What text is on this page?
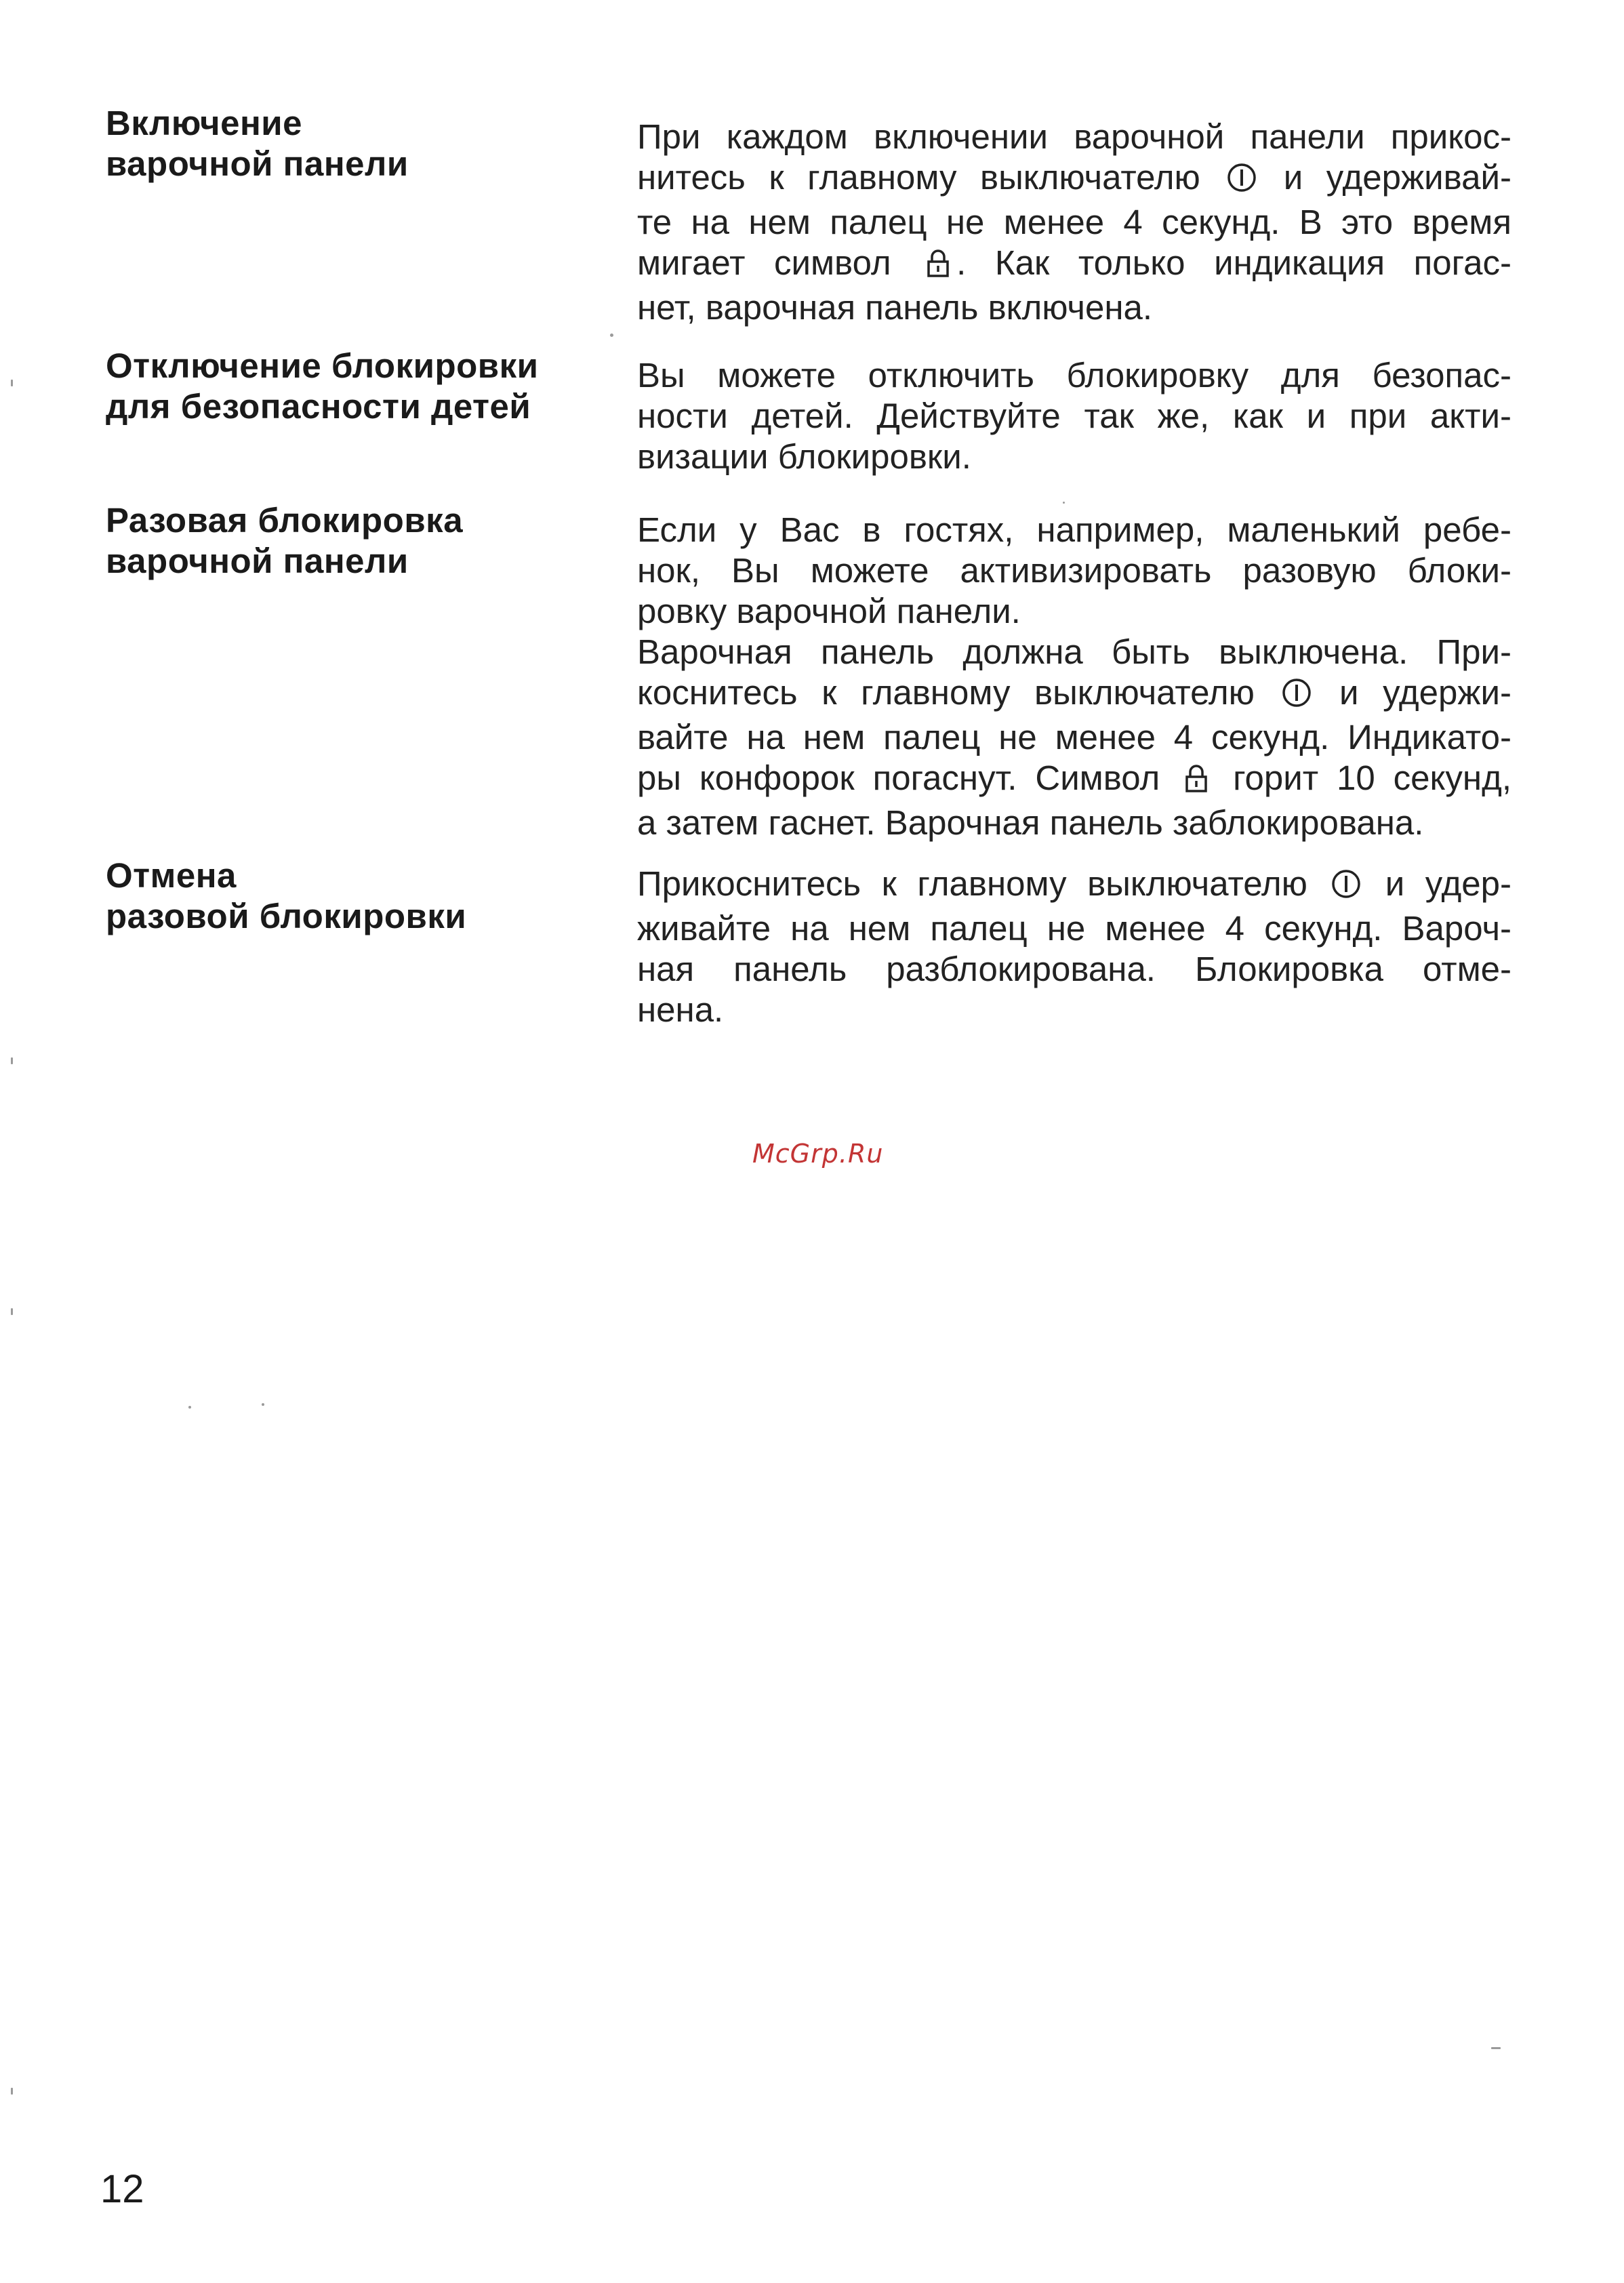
Включение
варочной панели
При каждом включении варочной панели прикос-
нитесь к главному выключателю  и удерживай-
те на нем палец не менее 4 секунд. В это время
мигает символ . Как только индикация погас-
нет, варочная панель включена.
Отключение блокировки
для безопасности детей
Вы можете отключить блокировку для безопас-
ности детей. Действуйте так же, как и при акти-
визации блокировки.
Разовая блокировка
варочной панели
Если у Вас в гостях, например, маленький ребе-
нок, Вы можете активизировать разовую блоки-
ровку варочной панели.
Варочная панель должна быть выключена. При-
коснитесь к главному выключателю  и удержи-
вайте на нем палец не менее 4 секунд. Индикато-
ры конфорок погаснут. Символ  горит 10 секунд,
а затем гаснет. Варочная панель заблокирована.
Отмена
разовой блокировки
Прикоснитесь к главному выключателю  и удер-
живайте на нем палец не менее 4 секунд. Вароч-
ная панель разблокирована. Блокировка отме-
нена.
McGrp.Ru
12
